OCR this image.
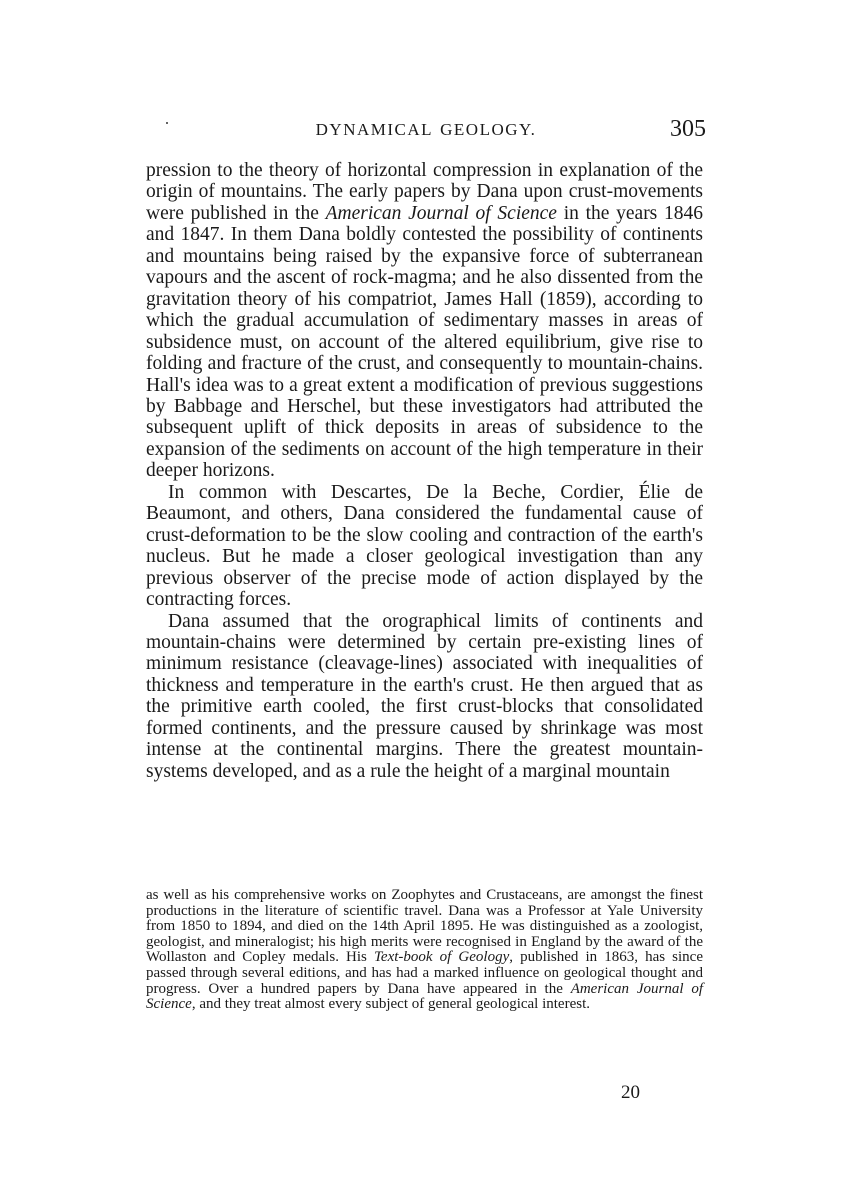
DYNAMICAL GEOLOGY.	305

pression to the theory of horizontal compression in explanation of the origin of mountains. The early papers by Dana upon crust-movements were published in the American Journal of Science in the years 1846 and 1847. In them Dana boldly contested the possibility of continents and mountains being raised by the expansive force of subterranean vapours and the ascent of rock-magma; and he also dissented from the gravitation theory of his compatriot, James Hall (1859), according to which the gradual accumulation of sedimentary masses in areas of subsidence must, on account of the altered equilibrium, give rise to folding and fracture of the crust, and consequently to mountain-chains. Hall's idea was to a great extent a modification of previous suggestions by Babbage and Herschel, but these investigators had attributed the subsequent uplift of thick deposits in areas of subsidence to the expansion of the sediments on account of the high temperature in their deeper horizons.

In common with Descartes, De la Beche, Cordier, Élie de Beaumont, and others, Dana considered the fundamental cause of crust-deformation to be the slow cooling and contraction of the earth's nucleus. But he made a closer geological investigation than any previous observer of the precise mode of action displayed by the contracting forces.

Dana assumed that the orographical limits of continents and mountain-chains were determined by certain pre-existing lines of minimum resistance (cleavage-lines) associated with inequalities of thickness and temperature in the earth's crust. He then argued that as the primitive earth cooled, the first crust-blocks that consolidated formed continents, and the pressure caused by shrinkage was most intense at the continental margins. There the greatest mountain-systems developed, and as a rule the height of a marginal mountain

as well as his comprehensive works on Zoophytes and Crustaceans, are amongst the finest productions in the literature of scientific travel. Dana was a Professor at Yale University from 1850 to 1894, and died on the 14th April 1895. He was distinguished as a zoologist, geologist, and mineralogist; his high merits were recognised in England by the award of the Wollaston and Copley medals. His Text-book of Geology, published in 1863, has since passed through several editions, and has had a marked influence on geological thought and progress. Over a hundred papers by Dana have appeared in the American Journal of Science, and they treat almost every subject of general geological interest.

20
